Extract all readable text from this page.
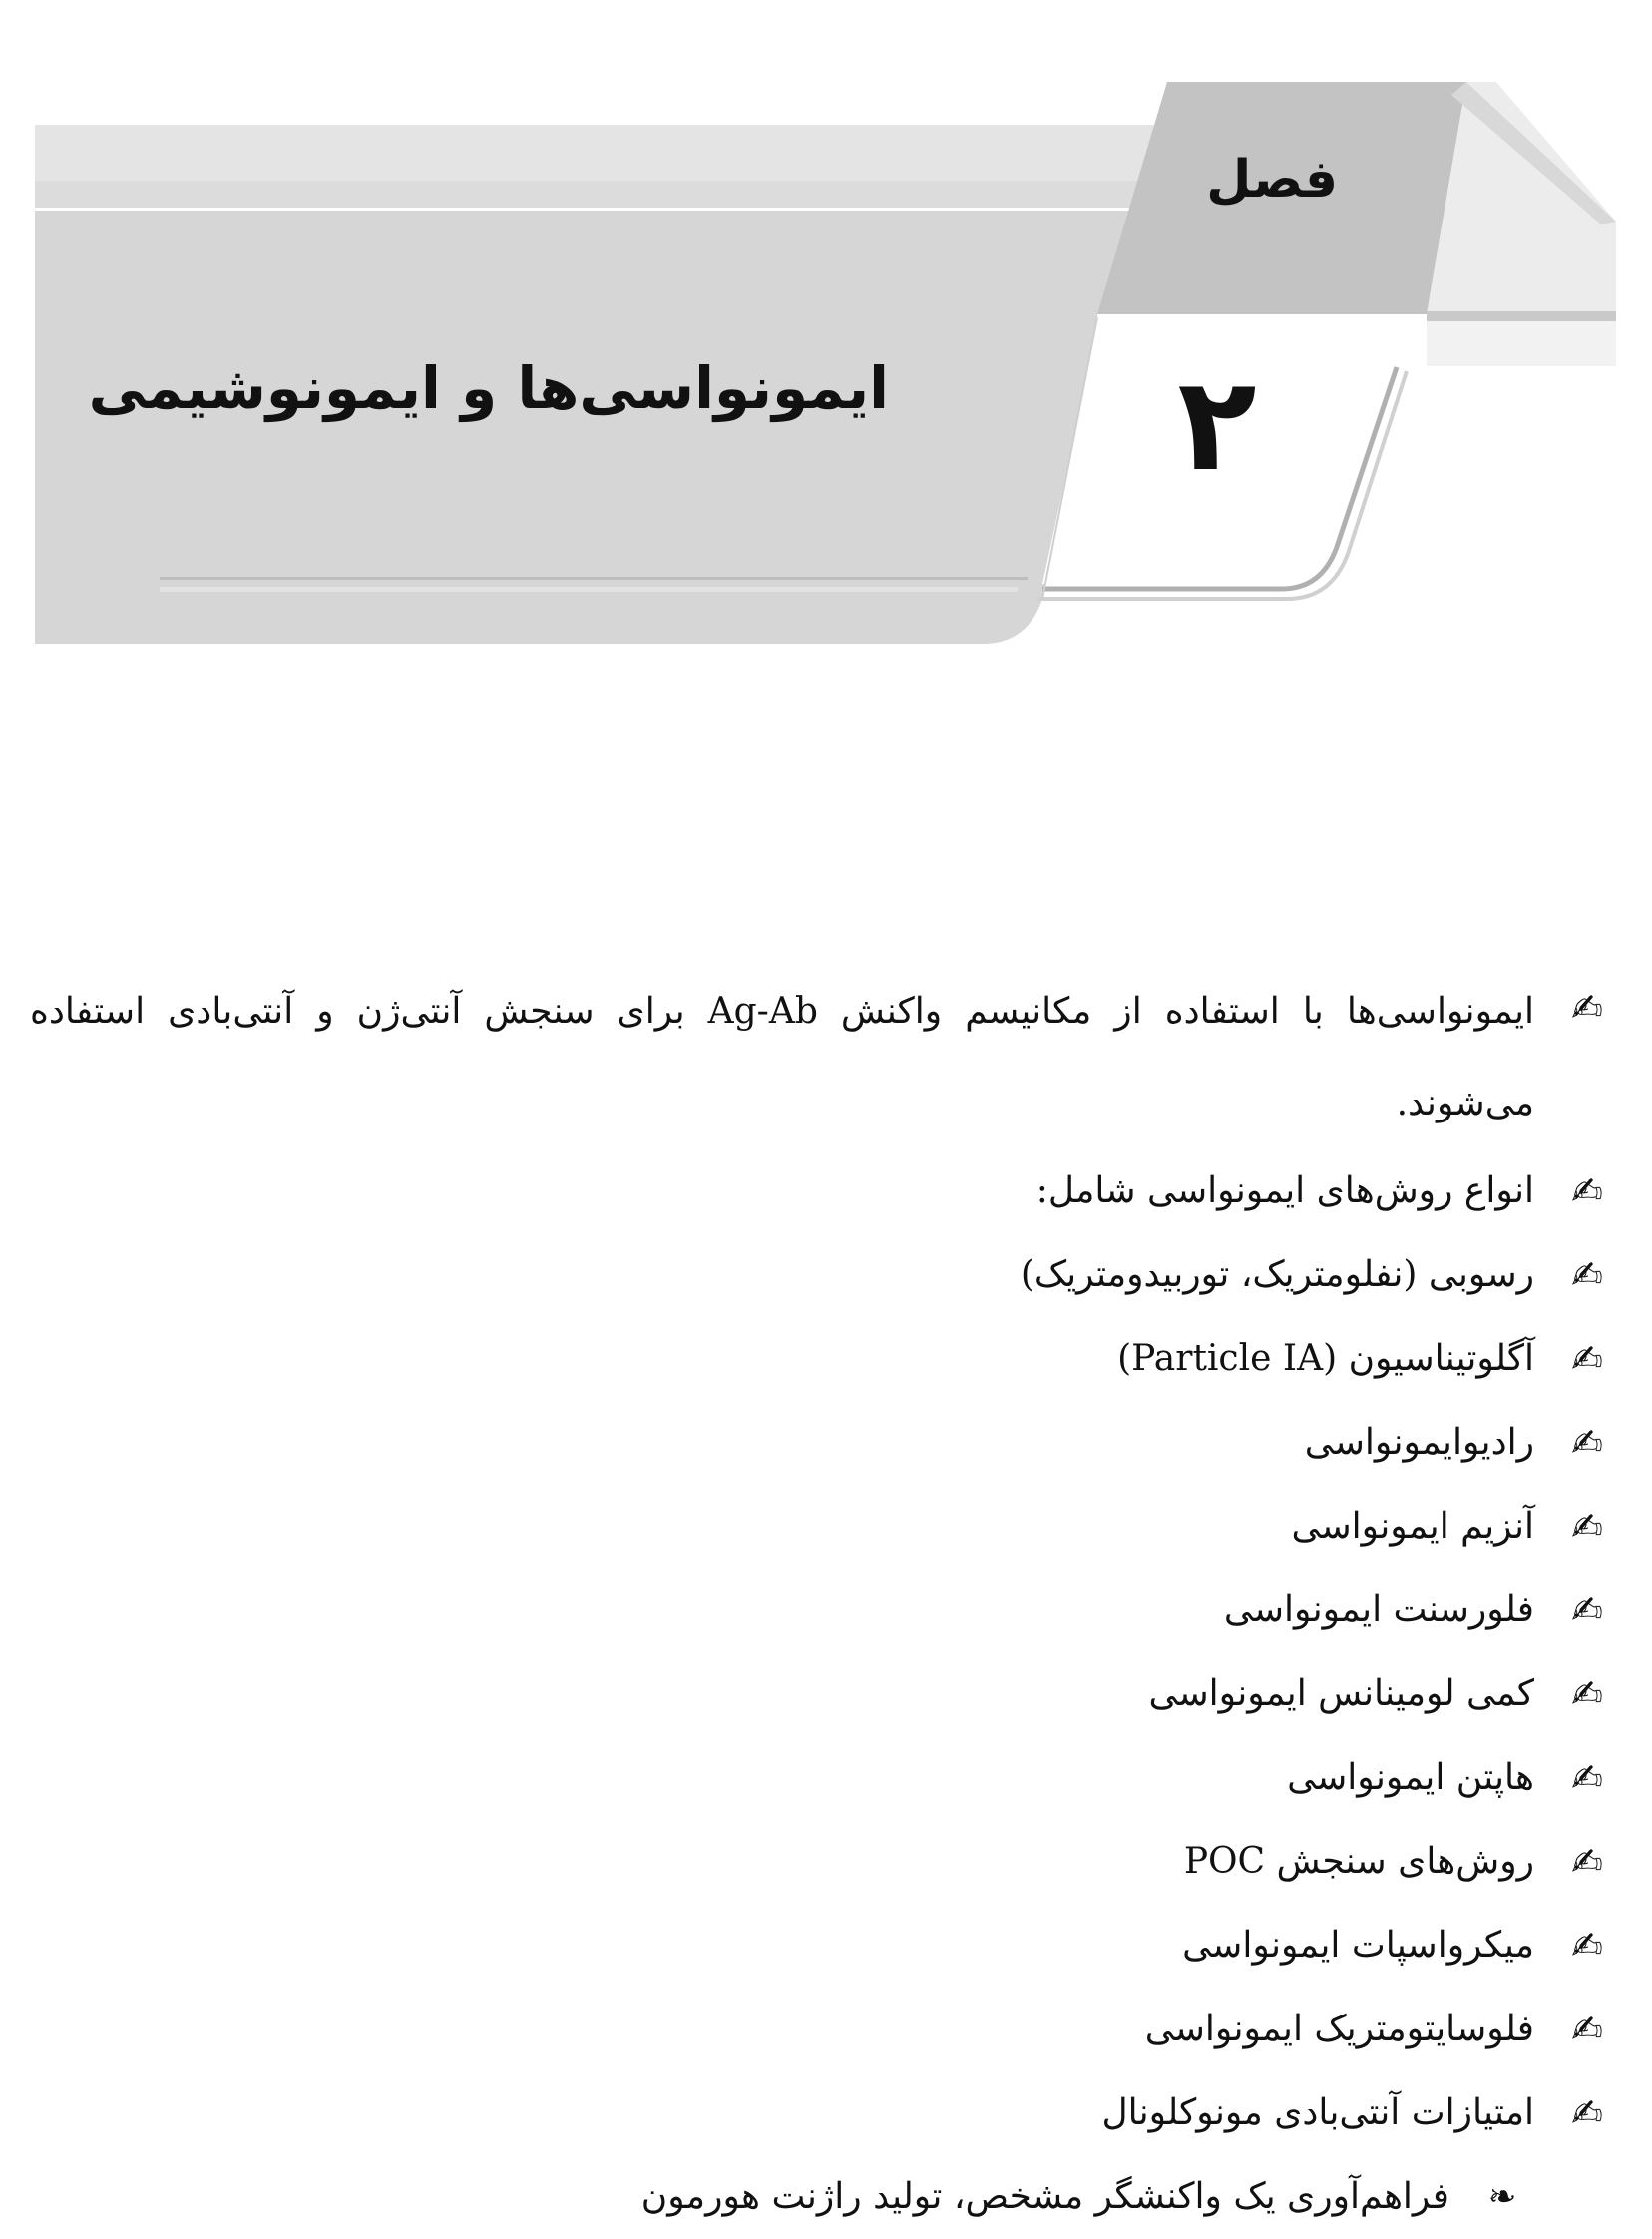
فصل
۲
ایمونواسی‌ها و ایمونوشیمی
✍
ایمونواسی‌ها با استفاده از مکانیسم واکنش Ag-Ab برای سنجش آنتی‌ژن و آنتی‌بادی استفاده می‌شوند.
✍
انواع روش‌های ایمونواسی شامل:
✍
رسوبی (نفلومتریک، توربیدومتریک)
✍
آگلوتیناسیون (Particle IA)
✍
رادیوایمونواسی
✍
آنزیم ایمونواسی
✍
فلورسنت ایمونواسی
✍
کمی لومینانس ایمونواسی
✍
هاپتن ایمونواسی
✍
روش‌های سنجش POC
✍
میکرواسپات ایمونواسی
✍
فلوسایتومتریک ایمونواسی
✍
امتیازات آنتی‌بادی مونوکلونال
❧
فراهم‌آوری یک واکنشگر مشخص، تولید راژنت هورمون
